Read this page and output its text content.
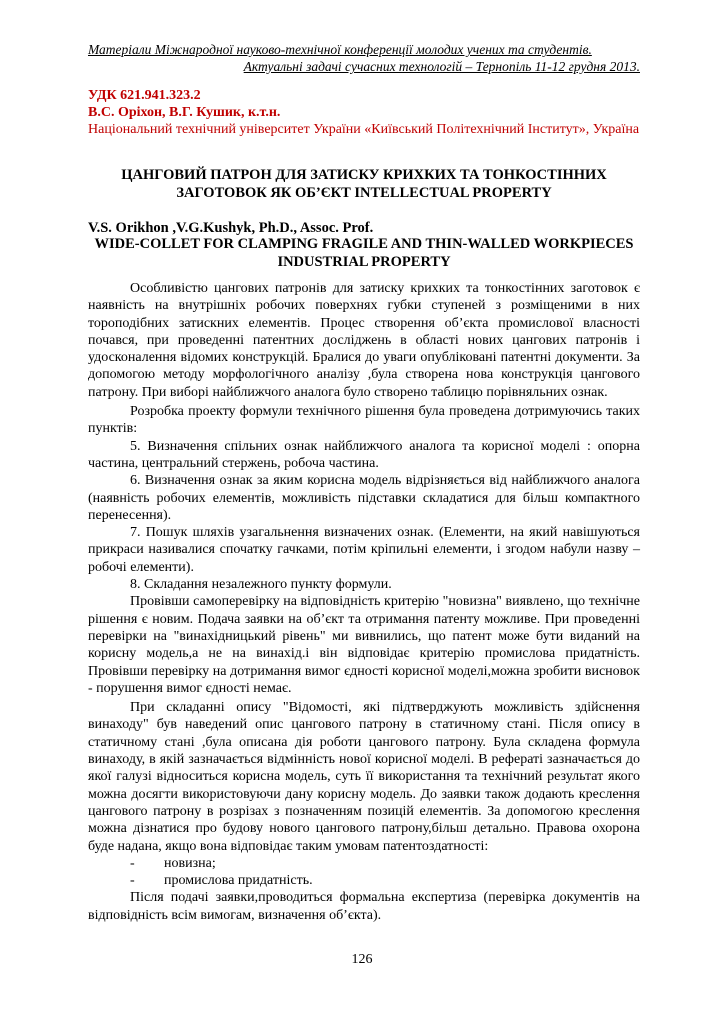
Матеріали Міжнародної науково-технічної конференції молодих учених та студентів.
Актуальні задачі сучасних технологій – Тернопіль 11-12 грудня 2013.
УДК 621.941.323.2
В.С. Оріхон, В.Г. Кушик, к.т.н.
Національний технічний університет України «Київський Політехнічний Інститут», Україна
ЦАНГОВИЙ ПАТРОН ДЛЯ ЗАТИСКУ КРИХКИХ ТА ТОНКОСТІННИХ ЗАГОТОВОК ЯК ОБ’ЄКТ INTELLECTUAL PROPERTY
V.S. Orikhon ,V.G.Kushyk, Ph.D., Assoc. Prof.
WIDE-COLLET FOR CLAMPING FRAGILE AND THIN-WALLED WORKPIECES INDUSTRIAL PROPERTY

Особливістю цангових патронів для затиску крихких та тонкостінних заготовок є наявність на внутрішніх робочих поверхнях губки ступеней з розміщеними в них тороподібних затискних елементів. Процес створення об’єкта промислової власності почався, при проведенні патентних досліджень в області нових цангових патронів і удосконалення відомих конструкцій. Бралися до уваги опубліковані патентні документи. За допомогою методу морфологічного аналізу ,була створена нова конструкція цангового патрону. При виборі найближчого аналога було створено таблицю порівняльних ознак.

Розробка проекту формули технічного рішення була проведена дотримуючись таких пунктів:

5. Визначення спільних ознак найближчого аналога та корисної моделі : опорна частина, центральний стержень, робоча частина.

6. Визначення ознак за яким корисна модель відрізняється від найближчого аналога (наявність робочих елементів, можливість підставки складатися для більш компактного перенесення).

7. Пошук шляхів узагальнення визначених ознак. (Елементи, на який навішуються прикраси називалися спочатку гачками, потім кріпильні елементи, і згодом набули назву – робочі елементи).

8. Складання незалежного пункту формули.

Провівши самоперевірку на відповідність критерію "новизна" виявлено, що технічне рішення є новим. Подача заявки на об’єкт та отримання патенту можливе. При проведенні перевірки на "винахідницький рівень" ми вивнились, що патент може бути виданий на корисну модель,а не на винахід.і він відповідає критерію промислова придатність. Провівши перевірку на дотримання вимог єдності корисної моделі,можна зробити висновок - порушення вимог єдності немає.

При складанні опису "Відомості, які підтверджують можливість здійснення винаходу" був наведений опис цангового патрону в статичному стані. Після опису в статичному стані ,була описана дія роботи цангового патрону. Була складена формула винаходу, в якій зазначається відмінність нової корисної моделі. В рефераті зазначається до якої галузі відноситься корисна модель, суть її використання та технічний результат якого можна досягти використовуючи дану корисну модель. До заявки також додають креслення цангового патрону в розрізах з позначенням позицій елементів. За допомогою креслення можна дізнатися про будову нового цангового патрону,більш детально. Правова охорона буде надана, якщо вона відповідає таким умовам патентоздатності:

-	новизна;
-	промислова придатність.

Після подачі заявки,проводиться формальна експертиза (перевірка документів на відповідність всім вимогам, визначення об’єкта).

126
